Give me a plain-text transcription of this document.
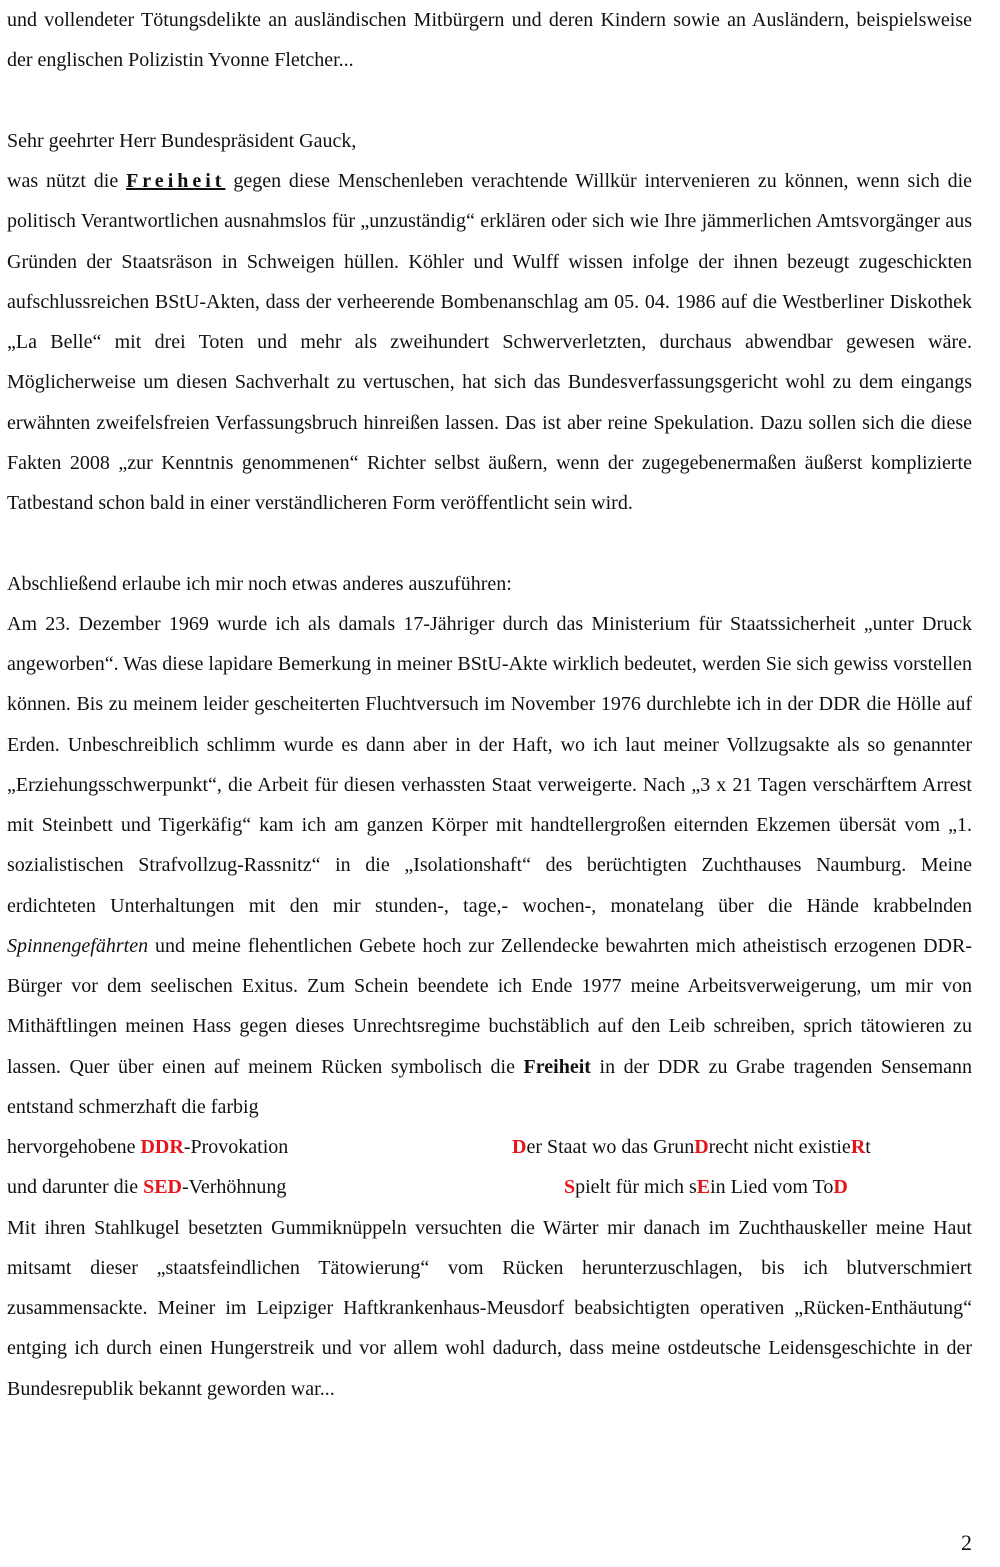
und vollendeter Tötungsdelikte an ausländischen Mitbürgern und deren Kindern sowie an Ausländern, beispielsweise der englischen Polizistin Yvonne Fletcher...

Sehr geehrter Herr Bundespräsident Gauck,

was nützt die Freiheit gegen diese Menschenleben verachtende Willkür intervenieren zu können, wenn sich die politisch Verantwortlichen ausnahmslos für „unzuständig“ erklären oder sich wie Ihre jämmerlichen Amtsvorgänger aus Gründen der Staatsräson in Schweigen hüllen. Köhler und Wulff wissen infolge der ihnen bezeugt zugeschickten aufschlussreichen BStU-Akten, dass der verheerende Bombenanschlag am 05. 04. 1986 auf die Westberliner Diskothek „La Belle“ mit drei Toten und mehr als zweihundert Schwerverletzten, durchaus abwendbar gewesen wäre. Möglicherweise um diesen Sachverhalt zu vertuschen, hat sich das Bundesverfassungsgericht wohl zu dem eingangs erwähnten zweifelsfreien Verfassungsbruch hinreißen lassen. Das ist aber reine Spekulation. Dazu sollen sich die diese Fakten 2008 „zur Kenntnis genommenen“ Richter selbst äußern, wenn der zugegebenermaßen äußerst komplizierte Tatbestand schon bald in einer verständlicheren Form veröffentlicht sein wird.

Abschließend erlaube ich mir noch etwas anderes auszuführen:

Am 23. Dezember 1969 wurde ich als damals 17-Jähriger durch das Ministerium für Staatssicherheit „unter Druck angeworben“. Was diese lapidare Bemerkung in meiner BStU-Akte wirklich bedeutet, werden Sie sich gewiss vorstellen können. Bis zu meinem leider gescheiterten Fluchtversuch im November 1976 durchlebte ich in der DDR die Hölle auf Erden. Unbeschreiblich schlimm wurde es dann aber in der Haft, wo ich laut meiner Vollzugsakte als so genannter „Erziehungsschwerpunkt“, die Arbeit für diesen verhassten Staat verweigerte. Nach „3 x 21 Tagen verschärftem Arrest mit Steinbett und Tigerkäfig“ kam ich am ganzen Körper mit handtellergroßen eiternden Ekzemen übersät vom „1. sozialistischen Strafvollzug-Rassnitz“ in die „Isolationshaft“ des berüchtigten Zuchthauses Naumburg. Meine erdichteten Unterhaltungen mit den mir stunden-, tage,- wochen-, monatelang über die Hände krabbelnden Spinnengefährten und meine flehentlichen Gebete hoch zur Zellendecke bewahrten mich atheistisch erzogenen DDR-Bürger vor dem seelischen Exitus. Zum Schein beendete ich Ende 1977 meine Arbeitsverweigerung, um mir von Mithäftlingen meinen Hass gegen dieses Unrechtsregime buchstäblich auf den Leib schreiben, sprich tätowieren zu lassen. Quer über einen auf meinem Rücken symbolisch die Freiheit in der DDR zu Grabe tragenden Sensemann entstand schmerzhaft die farbig

hervorgehobene DDR-Provokation	Der Staat wo das GrunDrecht nicht existieRt
und darunter die SED-Verhöhnung	Spielt für mich sEin Lied vom ToD

Mit ihren Stahlkugel besetzten Gummiknüppeln versuchten die Wärter mir danach im Zuchthauskeller meine Haut mitsamt dieser „staatsfeindlichen Tätowierung“ vom Rücken herunterzuschlagen, bis ich blutverschmiert zusammensackte. Meiner im Leipziger Haftkrankenhaus-Meusdorf beabsichtigten operativen „Rücken-Enthäutung“ entging ich durch einen Hungerstreik und vor allem wohl dadurch, dass meine ostdeutsche Leidensgeschichte in der Bundesrepublik bekannt geworden war...

2
